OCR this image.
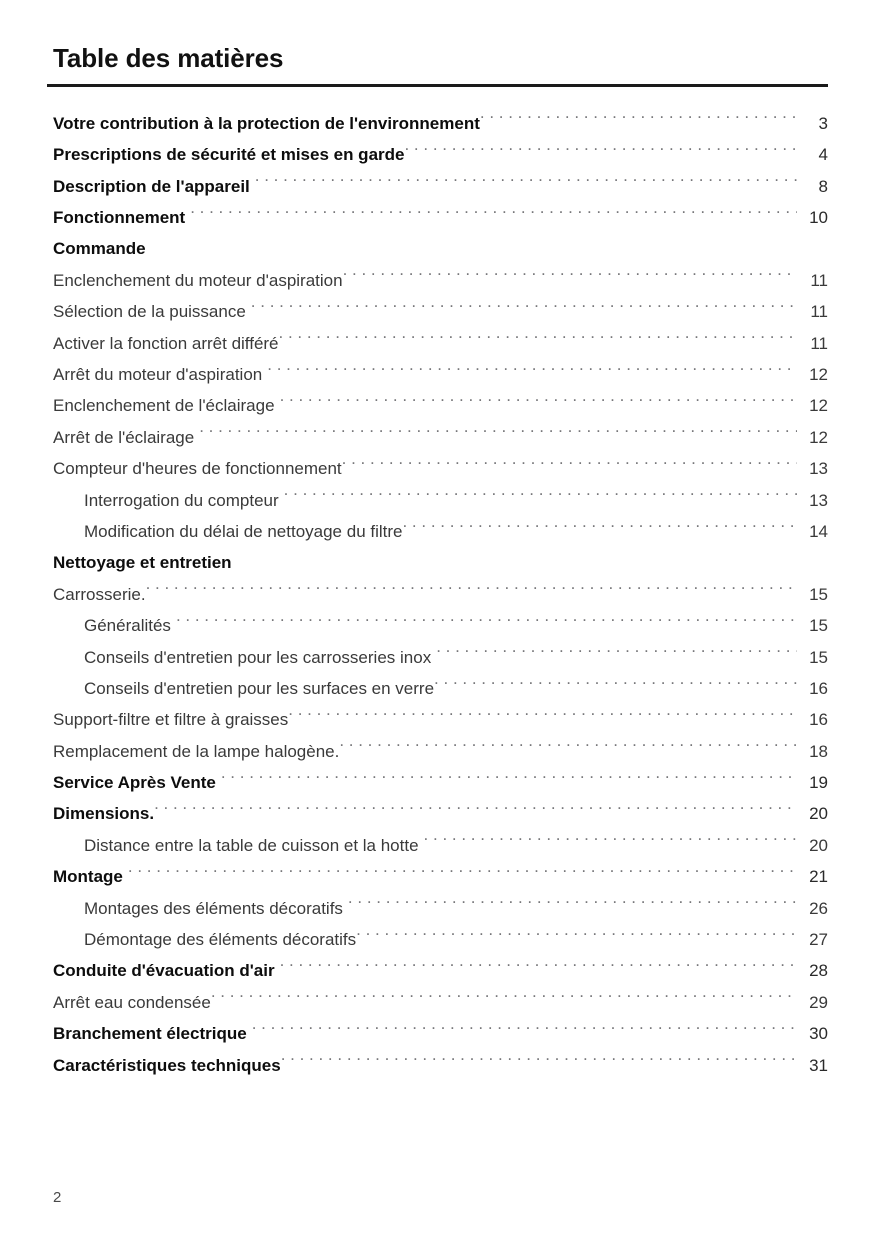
Table des matières
Votre contribution à la protection de l'environnement . . .	3
Prescriptions de sécurité et mises en garde . . .	4
Description de l'appareil . . .	8
Fonctionnement . . .	10
Commande
Enclenchement du moteur d'aspiration . . .	11
Sélection de la puissance . . .	11
Activer la fonction arrêt différé . . .	11
Arrêt du moteur d'aspiration . . .	12
Enclenchement de l'éclairage . . .	12
Arrêt de l'éclairage . . .	12
Compteur d'heures de fonctionnement . . .	13
Interrogation du compteur . . .	13
Modification du délai de nettoyage du filtre . . .	14
Nettoyage et entretien
Carrosserie. . . .	15
Généralités . . .	15
Conseils d'entretien pour les carrosseries inox . . .	15
Conseils d'entretien pour les surfaces en verre . . .	16
Support-filtre et filtre à graisses . . .	16
Remplacement de la lampe halogène. . . .	18
Service Après Vente . . .	19
Dimensions. . . .	20
Distance entre la table de cuisson et la hotte . . .	20
Montage . . .	21
Montages des éléments décoratifs . . .	26
Démontage des éléments décoratifs . . .	27
Conduite d'évacuation d'air . . .	28
Arrêt eau condensée . . .	29
Branchement électrique . . .	30
Caractéristiques techniques . . .	31
2
